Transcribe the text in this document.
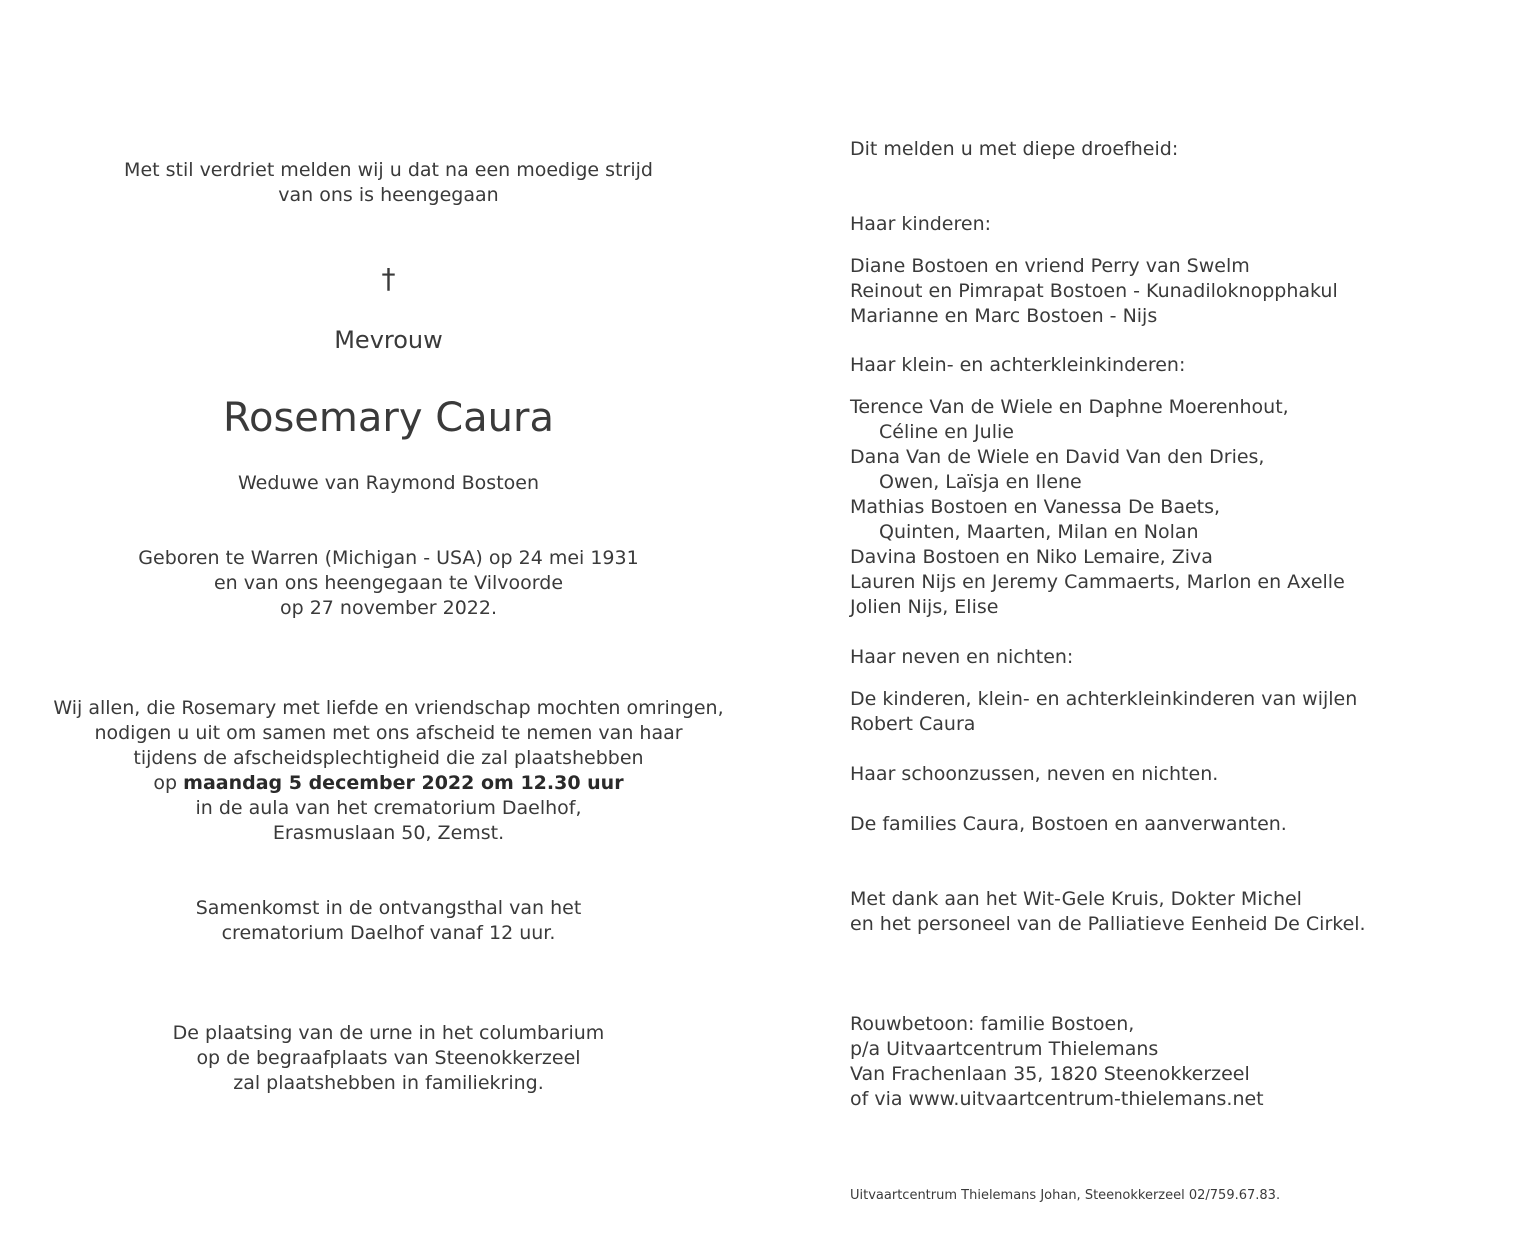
Met stil verdriet melden wij u dat na een moedige strijd
van ons is heengegaan
†
Mevrouw
Rosemary Caura
Weduwe van Raymond Bostoen
Geboren te Warren (Michigan - USA) op 24 mei 1931
en van ons heengegaan te Vilvoorde
op 27 november 2022.
Wij allen, die Rosemary met liefde en vriendschap mochten omringen,
nodigen u uit om samen met ons afscheid te nemen van haar
tijdens de afscheidsplechtigheid die zal plaatshebben
op maandag 5 december 2022 om 12.30 uur
in de aula van het crematorium Daelhof,
Erasmuslaan 50, Zemst.
Samenkomst in de ontvangsthal van het
crematorium Daelhof vanaf 12 uur.
De plaatsing van de urne in het columbarium
op de begraafplaats van Steenokkerzeel
zal plaatshebben in familiekring.
Dit melden u met diepe droefheid:
Haar kinderen:
Diane Bostoen en vriend Perry van Swelm
Reinout en Pimrapat Bostoen - Kunadiloknopphakul
Marianne en Marc Bostoen - Nijs
Haar klein- en achterkleinkinderen:
Terence Van de Wiele en Daphne Moerenhout,
Céline en Julie
Dana Van de Wiele en David Van den Dries,
Owen, Laïsja en Ilene
Mathias Bostoen en Vanessa De Baets,
Quinten, Maarten, Milan en Nolan
Davina Bostoen en Niko Lemaire, Ziva
Lauren Nijs en Jeremy Cammaerts, Marlon en Axelle
Jolien Nijs, Elise
Haar neven en nichten:
De kinderen, klein- en achterkleinkinderen van wijlen
Robert Caura
Haar schoonzussen, neven en nichten.
De families Caura, Bostoen en aanverwanten.
Met dank aan het Wit-Gele Kruis, Dokter Michel
en het personeel van de Palliatieve Eenheid De Cirkel.
Rouwbetoon: familie Bostoen,
p/a Uitvaartcentrum Thielemans
Van Frachenlaan 35, 1820 Steenokkerzeel
of via www.uitvaartcentrum-thielemans.net
Uitvaartcentrum Thielemans Johan, Steenokkerzeel 02/759.67.83.
